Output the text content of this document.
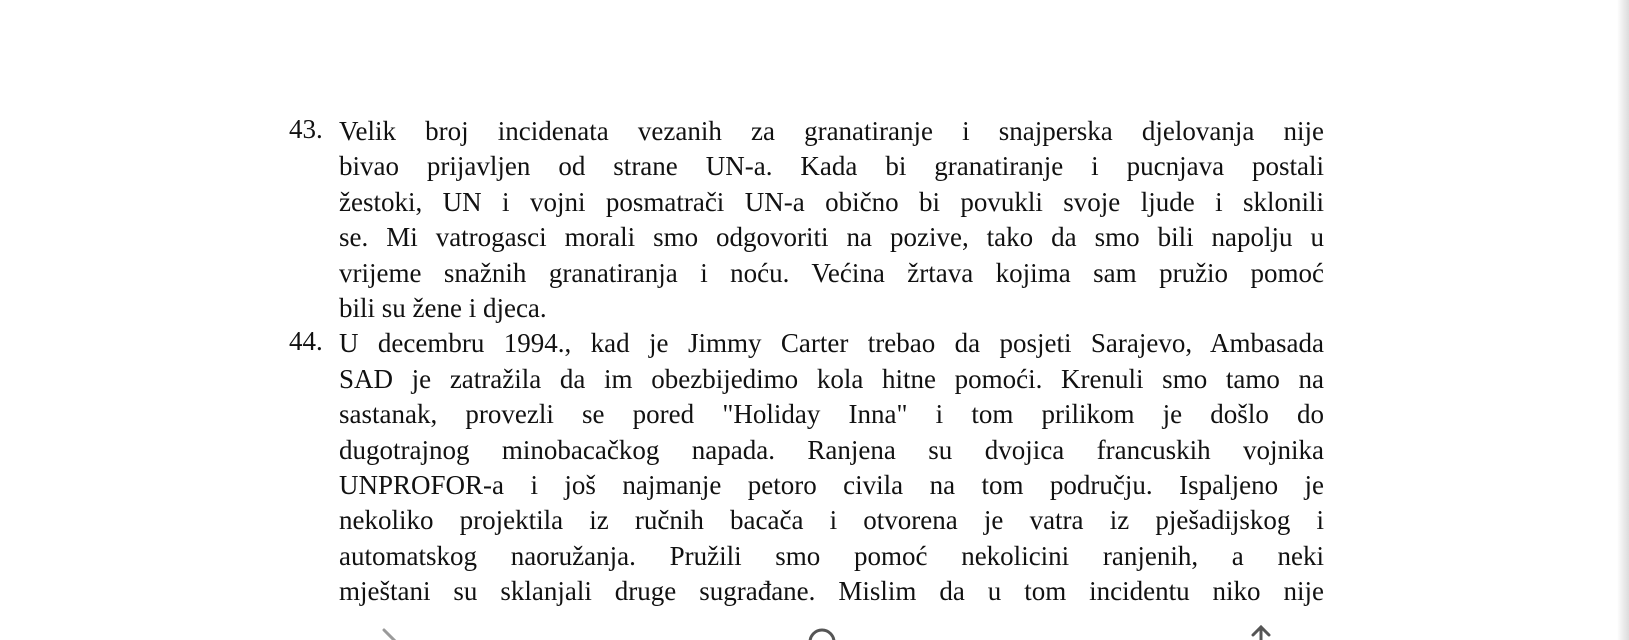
43. Velik broj incidenata vezanih za granatiranje i snajperska djelovanja nije
bivao prijavljen od strane UN-a. Kada bi granatiranje i pucnjava postali
žestoki, UN i vojni posmatrači UN-a obično bi povukli svoje ljude i sklonili
se. Mi vatrogasci morali smo odgovoriti na pozive, tako da smo bili napolju u
vrijeme snažnih granatiranja i noću. Većina žrtava kojima sam pružio pomoć
bili su žene i djeca.
44. U decembru 1994., kad je Jimmy Carter trebao da posjeti Sarajevo, Ambasada
SAD je zatražila da im obezbijedimo kola hitne pomoći. Krenuli smo tamo na
sastanak, provezli se pored "Holiday Inna" i tom prilikom je došlo do
dugotrajnog minobacačkog napada. Ranjena su dvojica francuskih vojnika
UNPROFOR-a i još najmanje petoro civila na tom području. Ispaljeno je
nekoliko projektila iz ručnih bacača i otvorena je vatra iz pješadijskog i
automatskog naoružanja. Pružili smo pomoć nekolicini ranjenih, a neki
mještani su sklanjali druge sugrađane. Mislim da u tom incidentu niko nije
